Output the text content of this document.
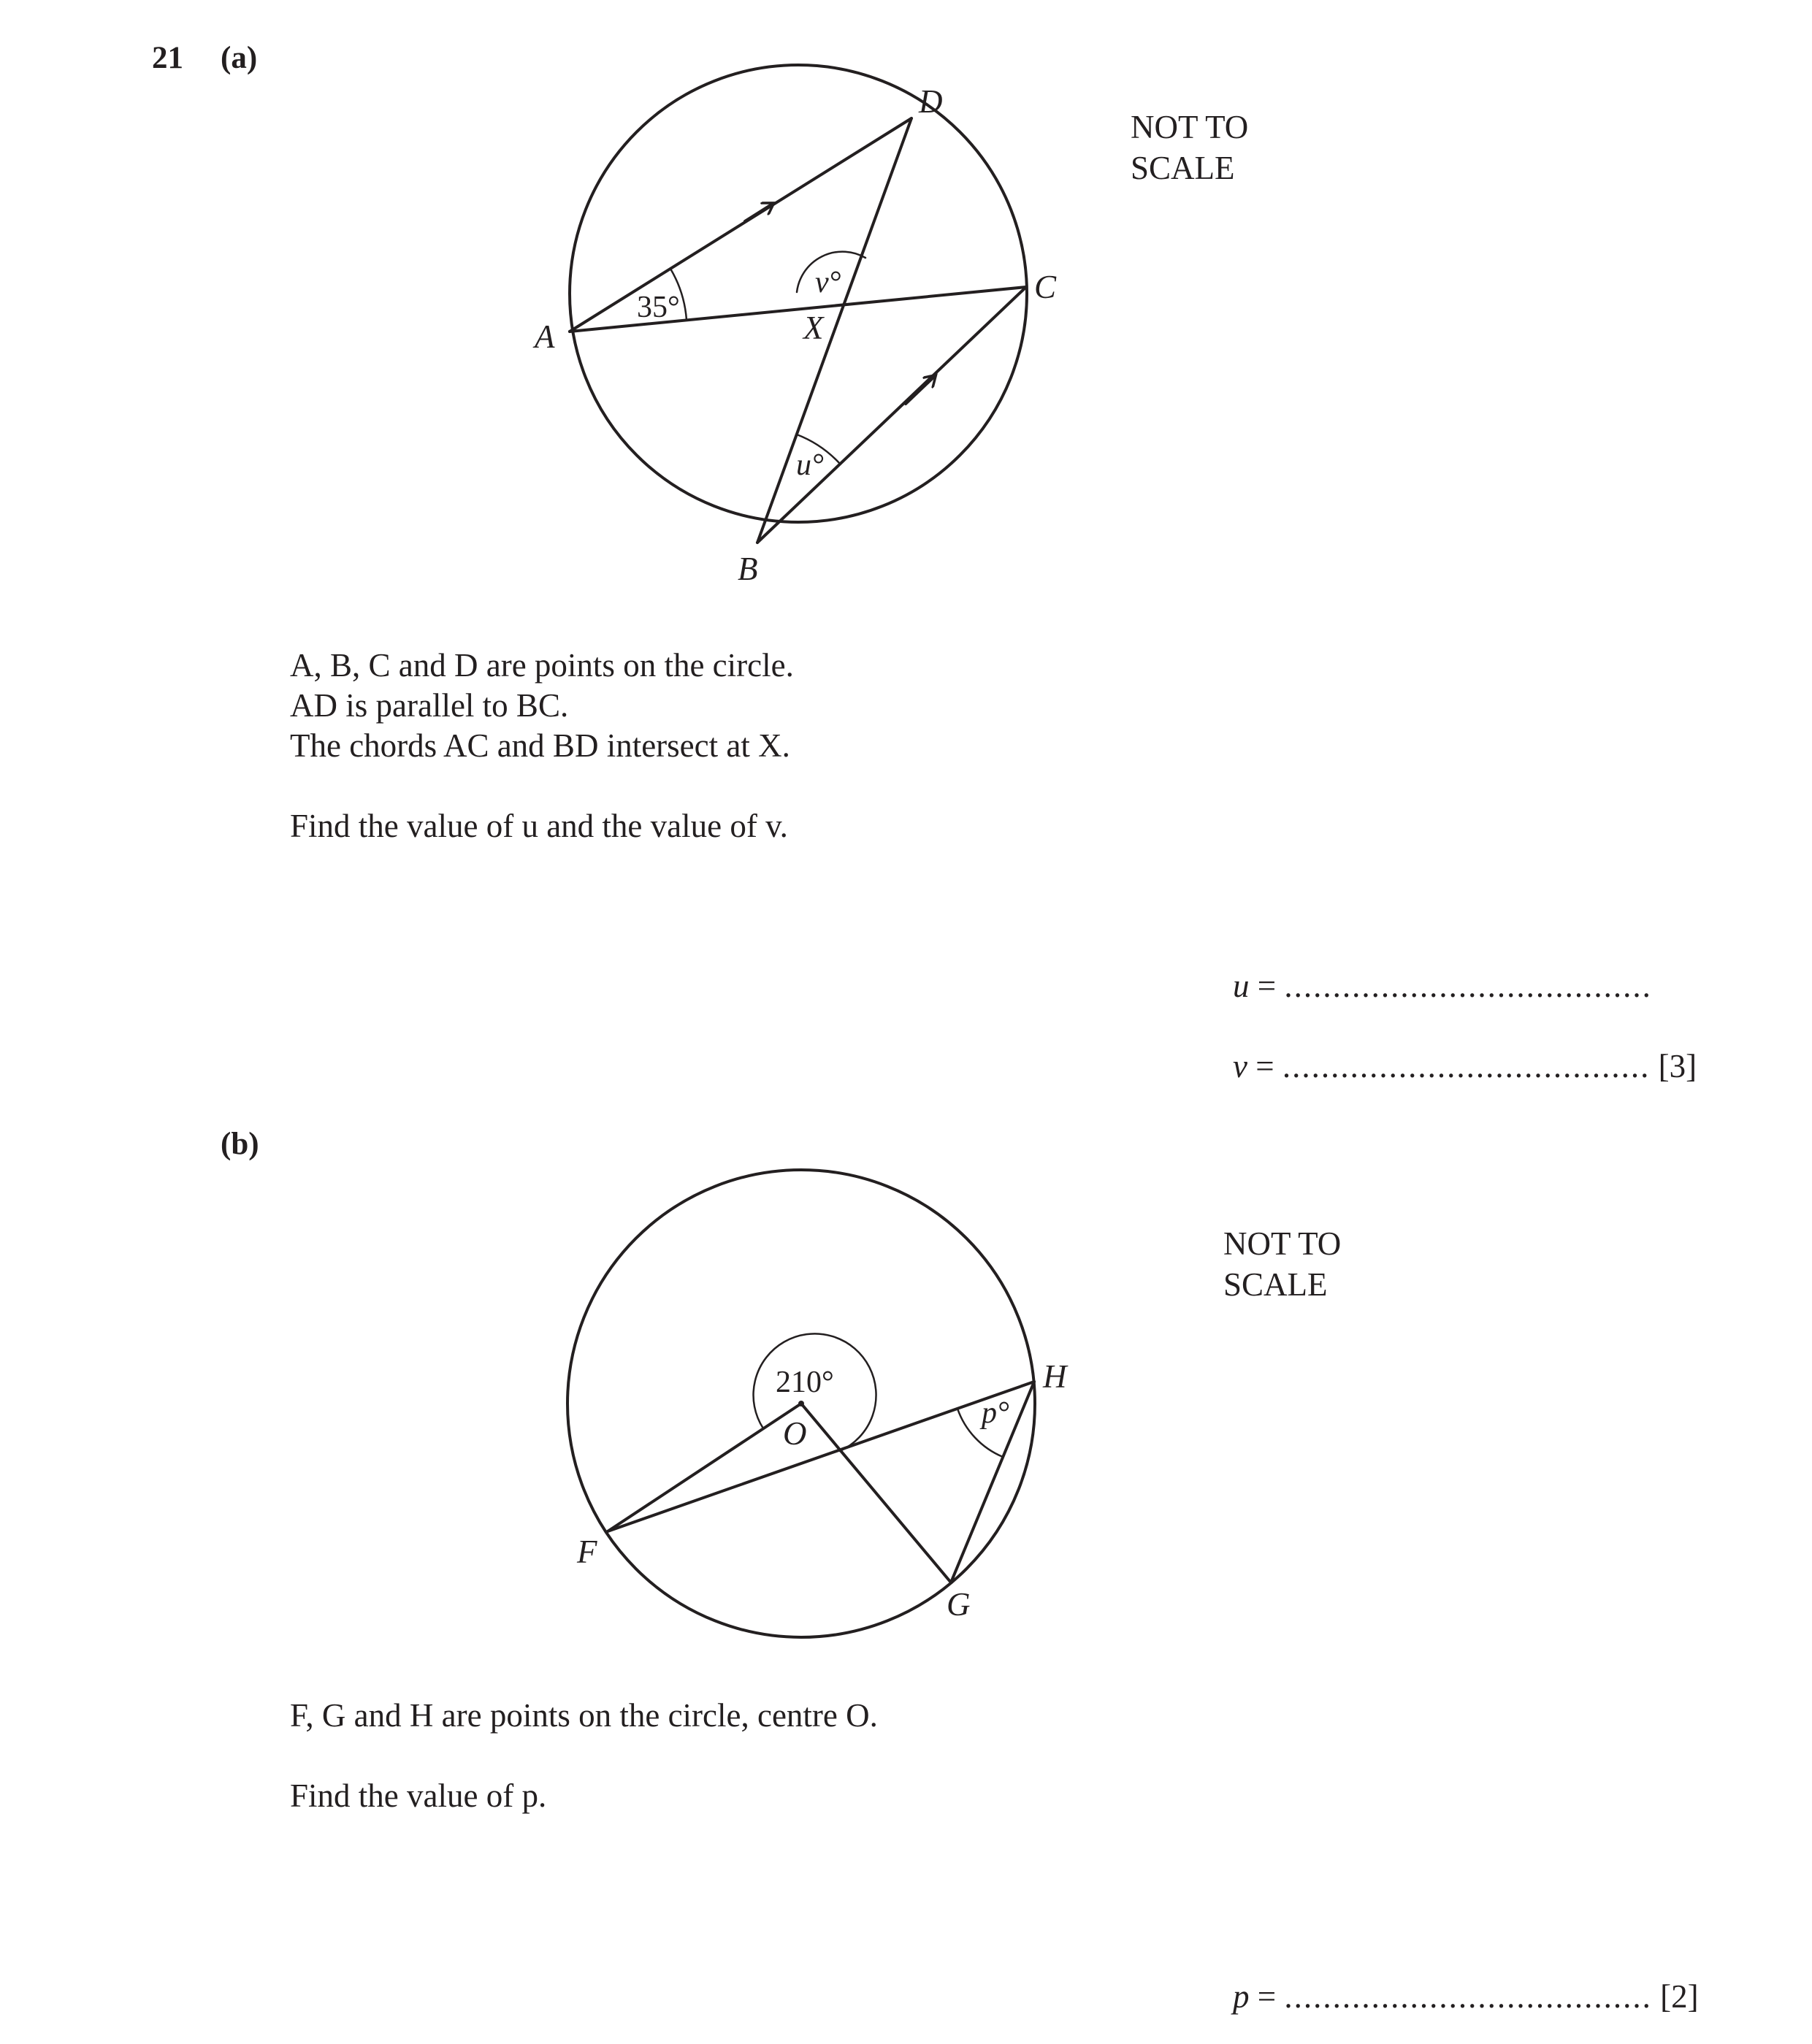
21 (a)
(b)
NOT TO
SCALE
NOT TO
SCALE
D
C
A
B
X
35°
v°
u°
210°
O
p°
H
F
G
A, B, C and D are points on the circle.
AD is parallel to BC.
The chords AC and BD intersect at X.
Find the value of u and the value of v.
u = ......................................
v = ...................................... [3]
F, G and H are points on the circle, centre O.
Find the value of p.
p = ...................................... [2]
